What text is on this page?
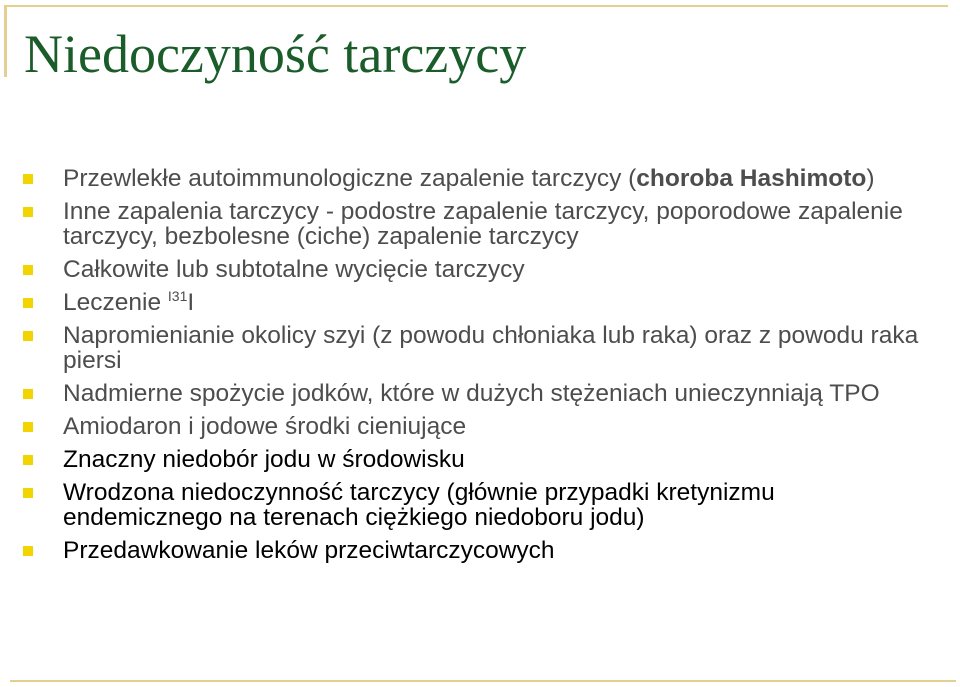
Niedoczyność tarczycy
Przewlekłe autoimmunologiczne zapalenie tarczycy (choroba Hashimoto)
Inne zapalenia tarczycy - podostre zapalenie tarczycy, poporodowe zapalenie tarczycy, bezbolesne (ciche) zapalenie tarczycy
Całkowite lub subtotalne wycięcie tarczycy
Leczenie $^{I31}$I
Napromienianie okolicy szyi (z powodu chłoniaka lub raka) oraz z powodu raka piersi
Nadmierne spożycie jodków, które w dużych stężeniach unieczynniają TPO
Amiodaron i jodowe środki cieniujące
Znaczny niedobór jodu w środowisku
Wrodzona niedoczynność tarczycy (głównie przypadki kretynizmu endemicznego na terenach ciężkiego niedoboru jodu)
Przedawkowanie leków przeciwtarczycowych
